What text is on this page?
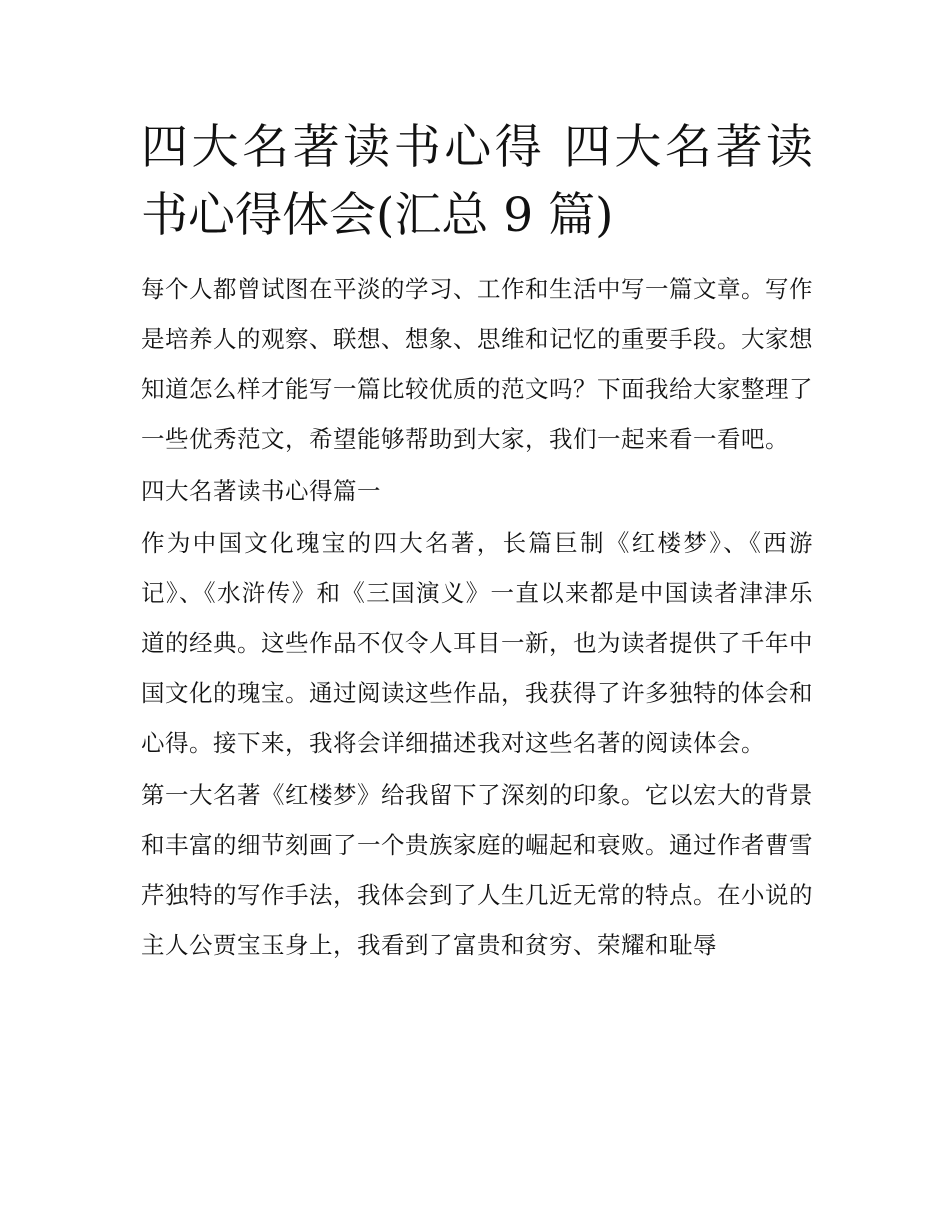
四大名著读书心得 四大名著读书心得体会(汇总 9 篇)

每个人都曾试图在平淡的学习、工作和生活中写一篇文章。写作是培养人的观察、联想、想象、思维和记忆的重要手段。大家想知道怎么样才能写一篇比较优质的范文吗？下面我给大家整理了一些优秀范文，希望能够帮助到大家，我们一起来看一看吧。

四大名著读书心得篇一

作为中国文化瑰宝的四大名著，长篇巨制《红楼梦》、《西游记》、《水浒传》和《三国演义》一直以来都是中国读者津津乐道的经典。这些作品不仅令人耳目一新，也为读者提供了千年中国文化的瑰宝。通过阅读这些作品，我获得了许多独特的体会和心得。接下来，我将会详细描述我对这些名著的阅读体会。

第一大名著《红楼梦》给我留下了深刻的印象。它以宏大的背景和丰富的细节刻画了一个贵族家庭的崛起和衰败。通过作者曹雪芹独特的写作手法，我体会到了人生几近无常的特点。在小说的主人公贾宝玉身上，我看到了富贵和贫穷、荣耀和耻辱
